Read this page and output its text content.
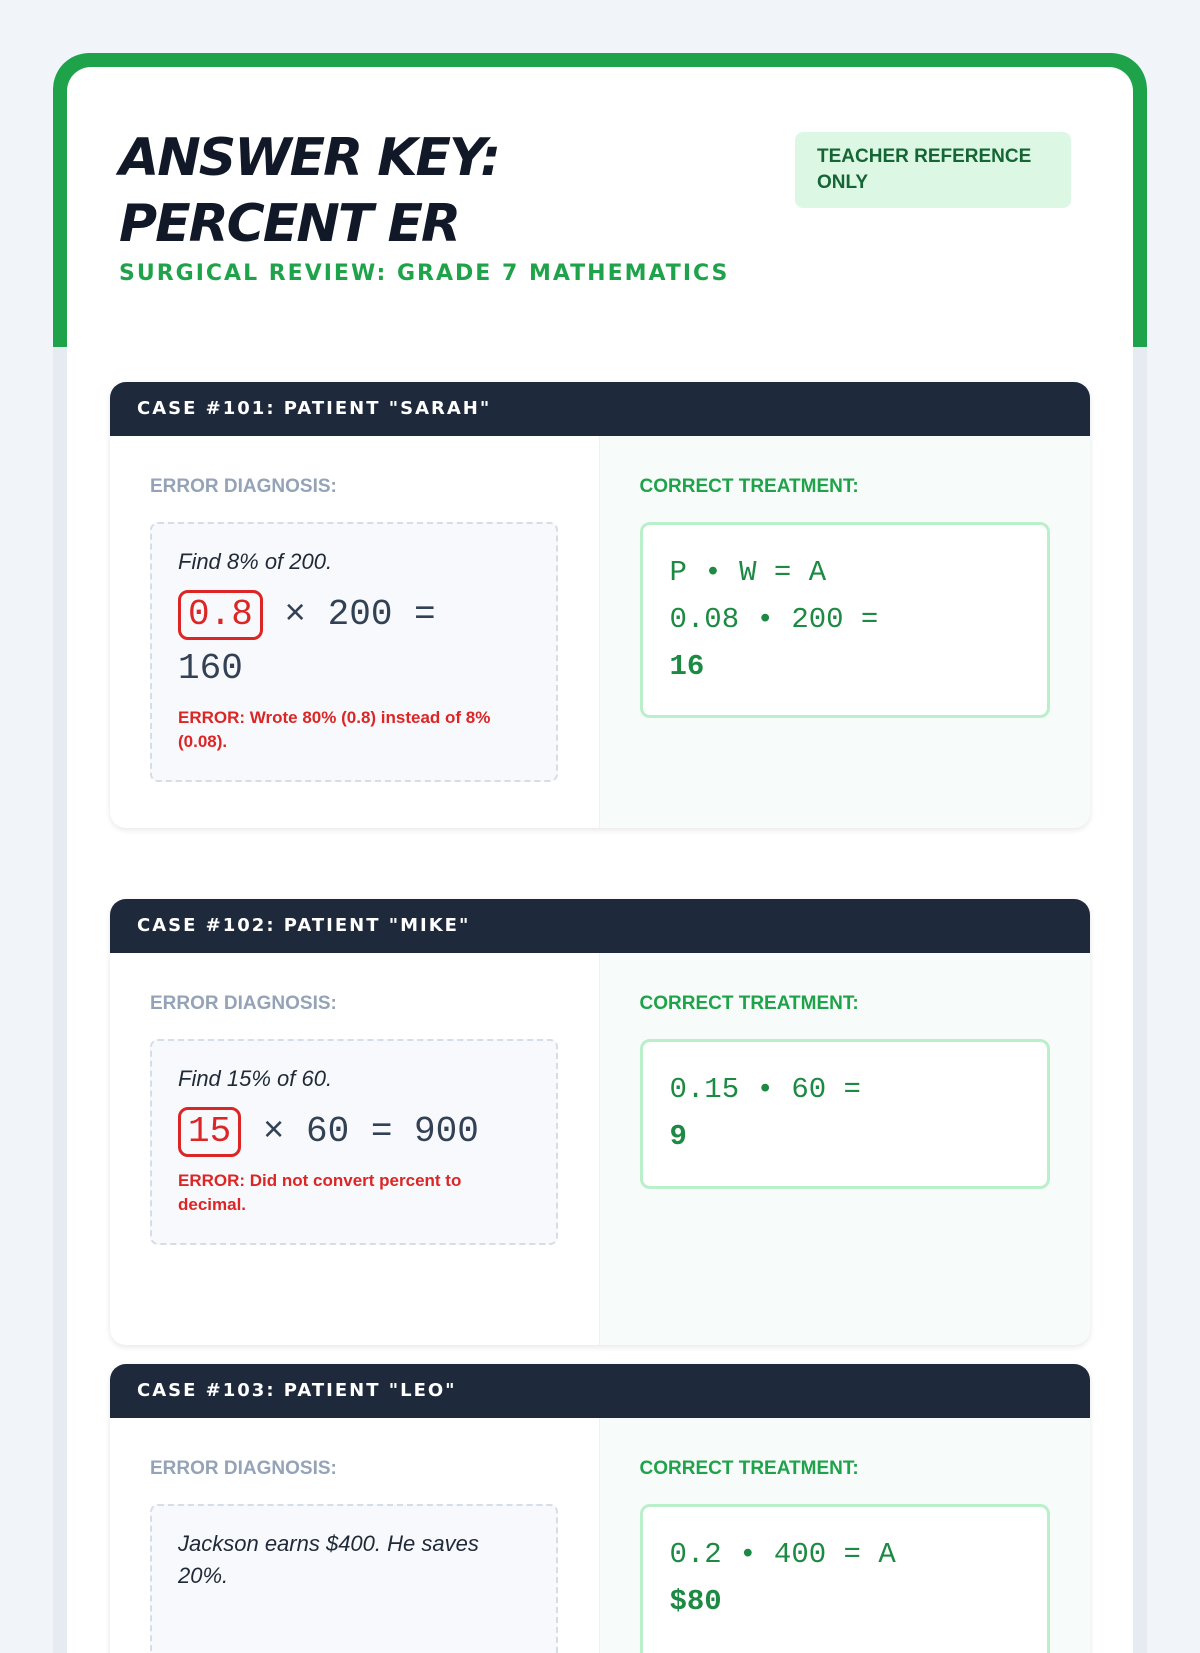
ANSWER KEY:
PERCENT ER
SURGICAL REVIEW: GRADE 7 MATHEMATICS
TEACHER REFERENCE ONLY
CASE #101: PATIENT "SARAH"
ERROR DIAGNOSIS:
Find 8% of 200.
0.8 × 200 =
160
ERROR: Wrote 80% (0.8) instead of 8% (0.08).
CORRECT TREATMENT:
P • W = A
0.08 • 200 =
16
CASE #102: PATIENT "MIKE"
ERROR DIAGNOSIS:
Find 15% of 60.
15 × 60 = 900
ERROR: Did not convert percent to decimal.
CORRECT TREATMENT:
0.15 • 60 =
9
CASE #103: PATIENT "LEO"
ERROR DIAGNOSIS:
Jackson earns $400. He saves 20%.
CORRECT TREATMENT:
0.2 • 400 = A
$80
